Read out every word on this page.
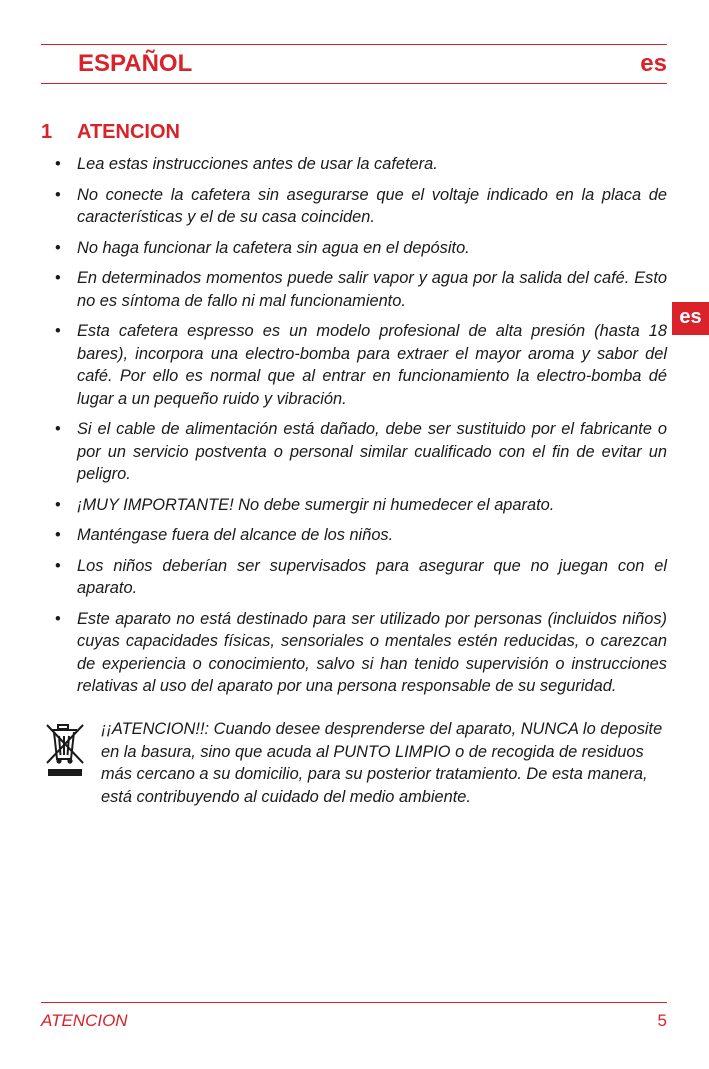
ESPAÑOL	es
1 ATENCION
es
• Lea estas instrucciones antes de usar la cafetera.
• No conecte la cafetera sin asegurarse que el voltaje indicado en la placa de características y el de su casa coinciden.
• No haga funcionar la cafetera sin agua en el depósito.
• En determinados momentos puede salir vapor y agua por la salida del café. Esto no es síntoma de fallo ni mal funcionamiento.
• Esta cafetera espresso es un modelo profesional de alta presión (hasta 18 bares), incorpora una electro-bomba para extraer el mayor aroma y sabor del café. Por ello es normal que al entrar en funcionamiento la electro-bomba dé lugar a un pequeño ruido y vibración.
• Si el cable de alimentación está dañado, debe ser sustituido por el fabricante o por un servicio postventa o personal similar cualificado con el fin de evitar un peligro.
• ¡MUY IMPORTANTE! No debe sumergir ni humedecer el aparato.
• Manténgase fuera del alcance de los niños.
• Los niños deberían ser supervisados para asegurar que no juegan con el aparato.
• Este aparato no está destinado para ser utilizado por personas (incluidos niños) cuyas capacidades físicas, sensoriales o mentales estén reducidas, o carezcan de experiencia o conocimiento, salvo si han tenido supervisión o instrucciones relativas al uso del aparato por una persona responsable de su seguridad.
¡¡ATENCION!!: Cuando desee desprenderse del aparato, NUNCA lo deposite en la basura, sino que acuda al PUNTO LIMPIO o de recogida de residuos más cercano a su domicilio, para su posterior tratamiento. De esta manera, está contribuyendo al cuidado del medio ambiente.
ATENCION	5
